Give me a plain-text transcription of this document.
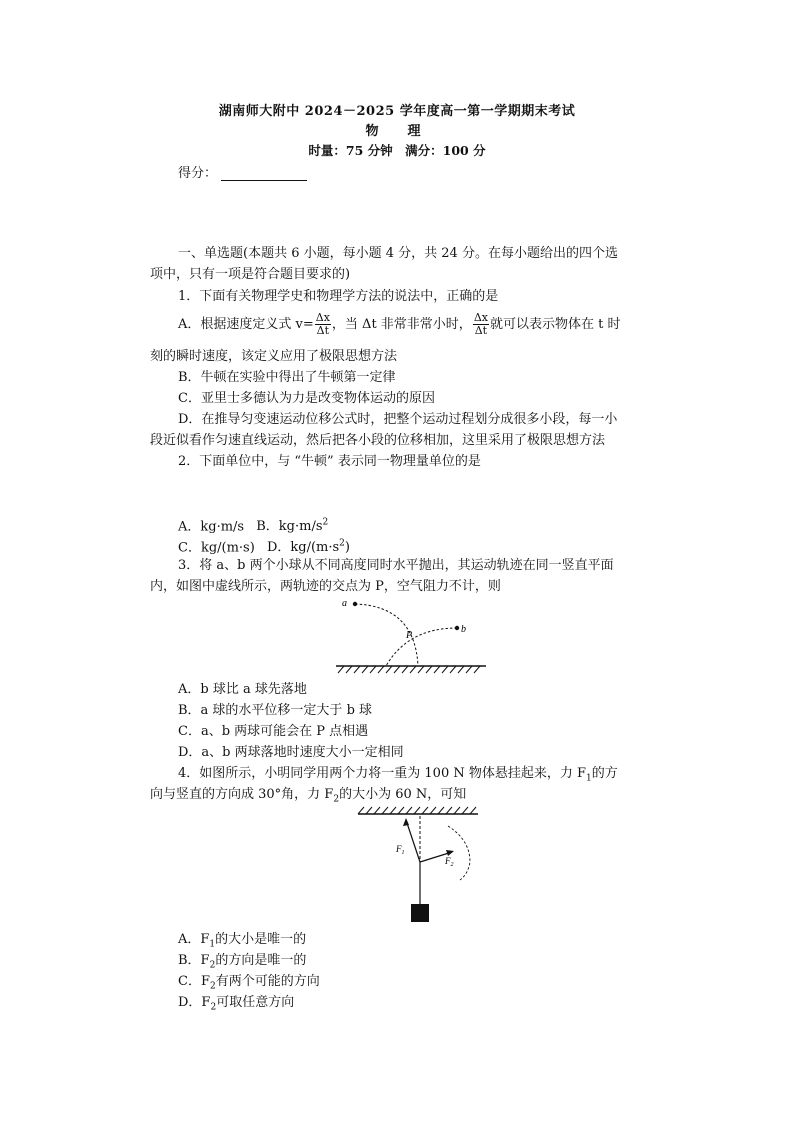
湖南师大附中 2024－2025 学年度高一第一学期期末考试
物　理
时量：75 分钟　满分：100 分
得分：
一、单选题(本题共 6 小题，每小题 4 分，共 24 分。在每小题给出的四个选
项中，只有一项是符合题目要求的)
1．下面有关物理学史和物理学方法的说法中，正确的是
A．根据速度定义式 $v= \frac{\Delta x}{\Delta t}$ ，当 Δt 非常非常小时， $\frac{\Delta x}{\Delta t}$ 就可以表示物体在 t 时
刻的瞬时速度，该定义应用了极限思想方法
B．牛顿在实验中得出了牛顿第一定律
C．亚里士多德认为力是改变物体运动的原因
D．在推导匀变速运动位移公式时，把整个运动过程划分成很多小段，每一小
段近似看作匀速直线运动，然后把各小段的位移相加，这里采用了极限思想方法
2．下面单位中，与 “牛顿” 表示同一物理量单位的是
A．kg·m/s B．$kg\cdot m/s^2$
C．kg/(m·s) D．$kg/(m\cdot s^2)$
3．将 a、b 两个小球从不同高度同时水平抛出，其运动轨迹在同一竖直平面
内，如图中虚线所示，两轨迹的交点为 P，空气阻力不计，则
a
b
P
A．b 球比 a 球先落地
B．a 球的水平位移一定大于 b 球
C．a、b 两球可能会在 P 点相遇
D．a、b 两球落地时速度大小一定相同
4．如图所示，小明同学用两个力将一重为 100 N 物体悬挂起来，力 $F_1$的方
向与竖直的方向成 30°角，力 $F_2$的大小为 60 N，可知
$F_1$
$F_2$
A．$F_1$的大小是唯一的
B．$F_2$的方向是唯一的
C．$F_2$有两个可能的方向
D．$F_2$可取任意方向
